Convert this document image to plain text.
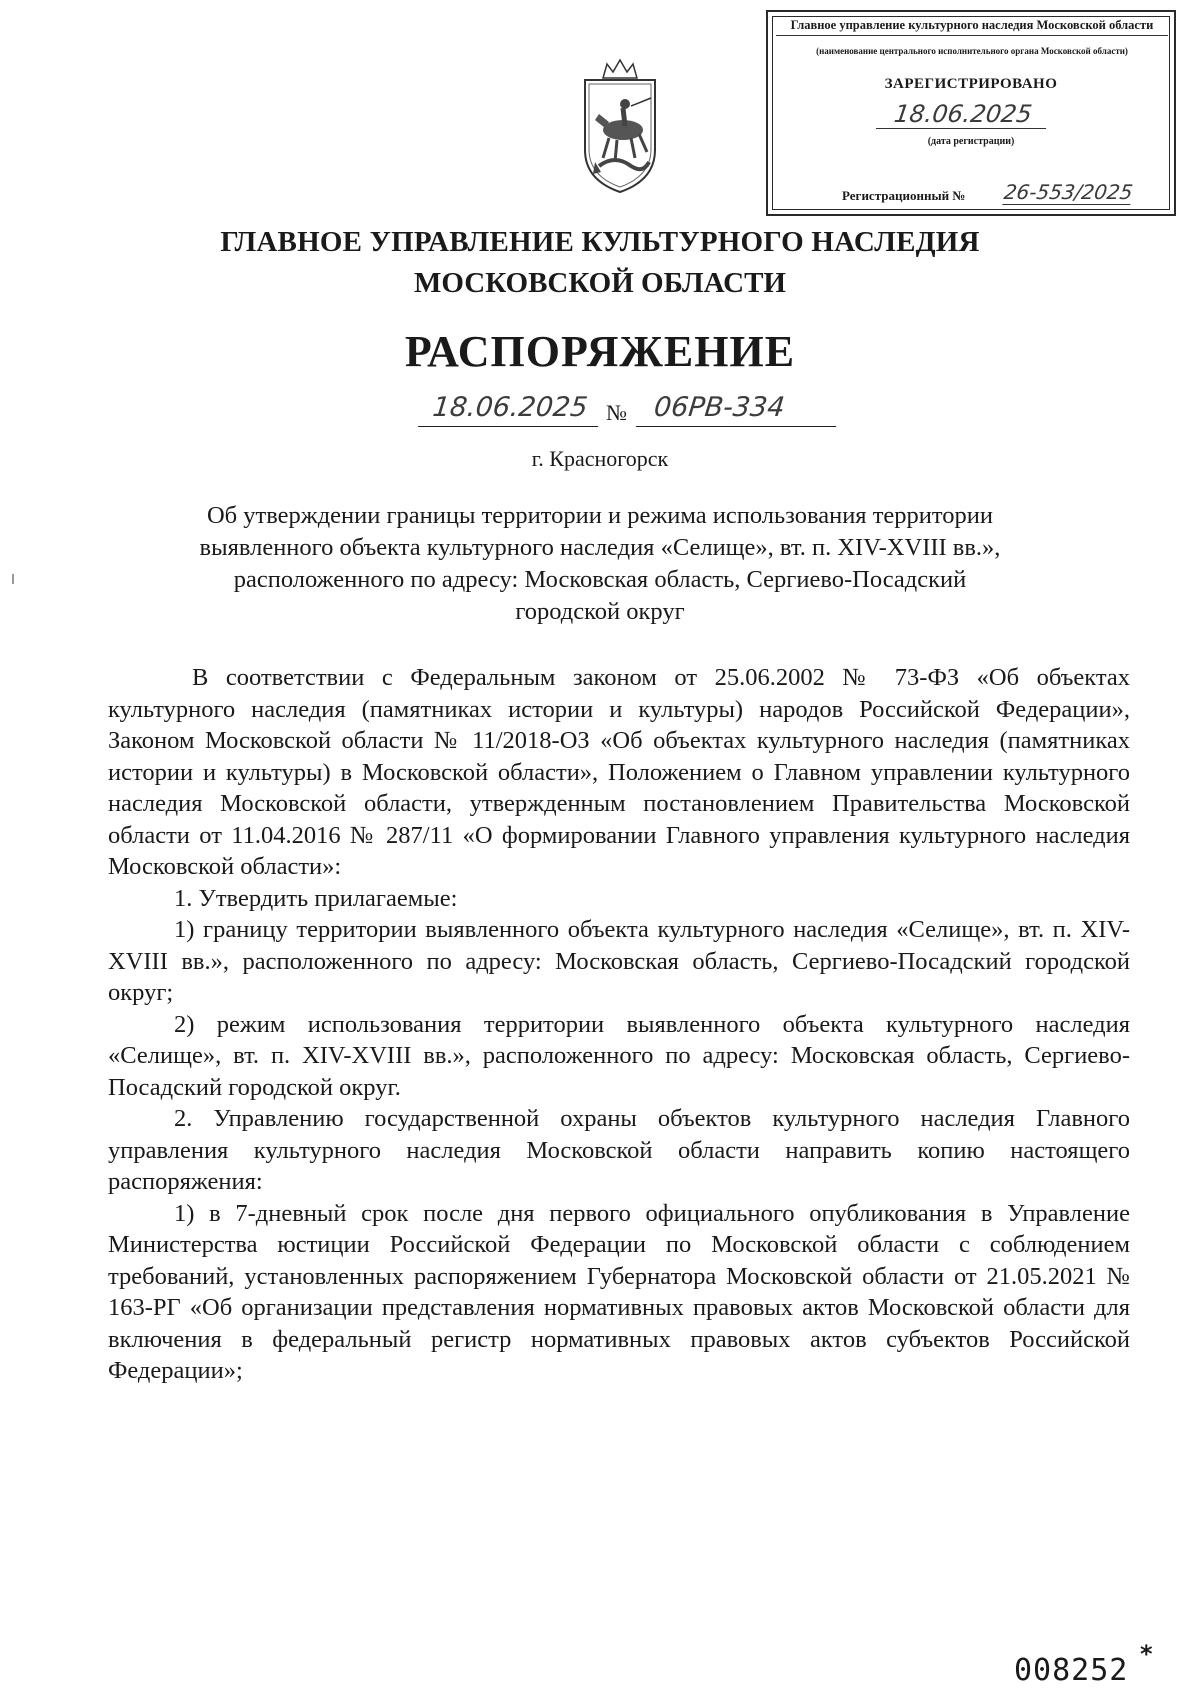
Главное управление культурного наследия Московской области
(наименование центрального исполнительного органа Московской области)
ЗАРЕГИСТРИРОВАНО
18.06.2025
(дата регистрации)
Регистрационный № 26-553/2025
ГЛАВНОЕ УПРАВЛЕНИЕ КУЛЬТУРНОГО НАСЛЕДИЯ
МОСКОВСКОЙ ОБЛАСТИ
РАСПОРЯЖЕНИЕ
18.06.2025 № 06РВ-334
г. Красногорск
Об утверждении границы территории и режима использования территории
выявленного объекта культурного наследия «Селище», вт. п. XIV-XVIII вв.»,
расположенного по адресу: Московская область, Сергиево-Посадский
городской округ

В соответствии с Федеральным законом от 25.06.2002 № 73-ФЗ «Об объектах культурного наследия (памятниках истории и культуры) народов Российской Федерации», Законом Московской области № 11/2018-ОЗ «Об объектах культурного наследия (памятниках истории и культуры) в Московской области», Положением о Главном управлении культурного наследия Московской области, утвержденным постановлением Правительства Московской области от 11.04.2016 № 287/11 «О формировании Главного управления культурного наследия Московской области»:

1. Утвердить прилагаемые:

1) границу территории выявленного объекта культурного наследия «Селище», вт. п. XIV-XVIII вв.», расположенного по адресу: Московская область, Сергиево-Посадский городской округ;

2) режим использования территории выявленного объекта культурного наследия «Селище», вт. п. XIV-XVIII вв.», расположенного по адресу: Московская область, Сергиево-Посадский городской округ.

2. Управлению государственной охраны объектов культурного наследия Главного управления культурного наследия Московской области направить копию настоящего распоряжения:

1) в 7-дневный срок после дня первого официального опубликования в Управление Министерства юстиции Российской Федерации по Московской области с соблюдением требований, установленных распоряжением Губернатора Московской области от 21.05.2021 № 163-РГ «Об организации представления нормативных правовых актов Московской области для включения в федеральный регистр нормативных правовых актов субъектов Российской Федерации»;

008252 *
